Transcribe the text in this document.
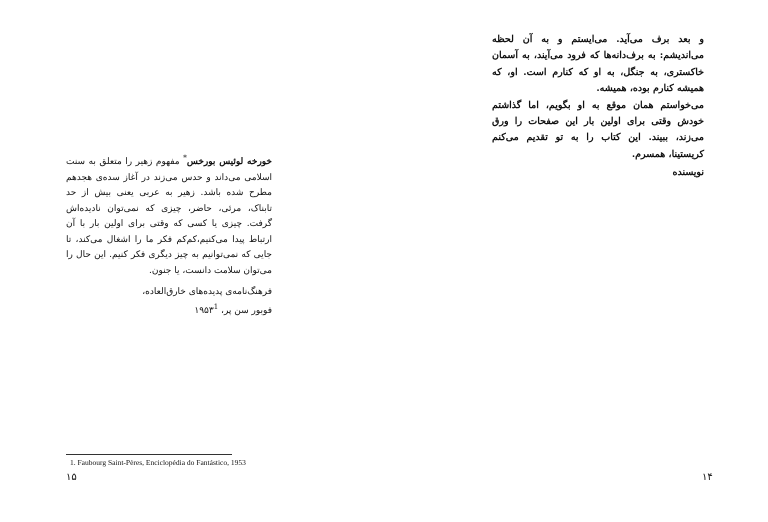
خورخه لوئیس بورخس* مفهوم زهیر را متعلق به سنت اسلامی می‌داند و حدس می‌زند در آغاز سده‌ی هجدهم مطرح شده باشد. زهیر به عربی یعنی بیش از حد تابناک، مرئی، حاضر، چیزی که نمی‌توان نادیده‌اش گرفت. چیزی یا کسی که وقتی برای اولین بار با آن ارتباط پیدا می‌کنیم،کم‌کم فکر ما را اشغال می‌کند، تا جایی که نمی‌توانیم به چیز دیگری فکر کنیم. این حال را می‌توان سلامت دانست، یا جنون.

فرهنگ‌نامه‌ی پدیده‌های خارق‌العاده،
فوبور سن پر، ۱۹۵۳$^1$

1. Faubourg Saint-Pères, Enciclopédia do Fantástico, 1953
۱۵

و بعد برف می‌آید. می‌ایستم و به آن لحظه می‌اندیشم: به برف‌دانه‌ها که فرود می‌آیند، به آسمان خاکستری، به جنگل، به او که کنارم است. او، که همیشه کنارم بوده، همیشه.

می‌خواستم همان موقع به او بگویم، اما گذاشتم خودش وقتی برای اولین بار این صفحات را ورق می‌زند، ببیند. این کتاب را به تو تقدیم می‌کنم کریستینا، همسرم.

نویسنده

۱۴
